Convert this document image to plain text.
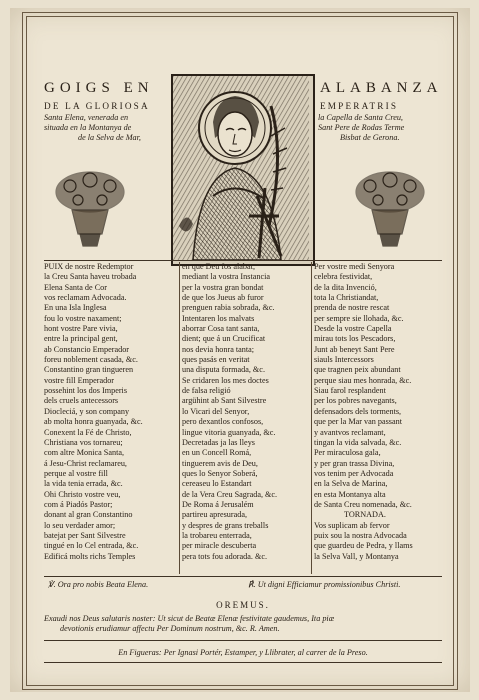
GOIGS EN	ALABANZA
DE LA GLORIOSA	EMPERATRIS
Santa Elena, venerada en
situada en la Montanya de
de la Selva de Mar,
la Capella de Santa Creu,
Sant Pere de Rodas Terme
Bisbat de Gerona.
PUIX de nostre Redemptor
la Creu Santa haveu trobada
Elena Santa de Cor
vos reclamam Advocada.
En una Isla Inglesa
fou lo vostre naxament;
hont vostre Pare vivia,
entre la principal gent,
ab Constancio Emperador
foreu noblement casada, &c.
Constantino gran tingueren
vostre fill Emperador
possehint los dos Imperis
dels cruels antecessors
Diocleciá, y son company
ab molta honra guanyada, &c.
Conexent la Fé de Christo,
Christiana vos tornareu;
com altre Monica Santa,
á Jesu-Christ reclamareu,
perque al vostre fill
la vida tenia errada, &c.
Ohi Christo vostre veu,
com á Piadós Pastor;
donant al gran Constantino
lo seu verdader amor;
batejat per Sant Silvestre
tingué en lo Cel entrada, &c.
Edificá molts richs Temples
en que Deu fos alabat;
mediant la vostra Instancia
per la vostra gran bondat
de que los Jueus ab furor
prenguen rabia sobrada, &c.
Intentaren los malvats
aborrar Cosa tant santa,
dient; que á un Crucificat
nos devia honra tanta;
ques pasás en veritat
una disputa formada, &c.
Se cridaren los mes doctes
de falsa religió
argühint ab Sant Silvestre
lo Vicari del Senyor,
pero dexantlos confosos,
lingue vitoria guanyada, &c.
Decretadas ja las lleys
en un Concell Romá,
tinguerem avis de Deu,
ques lo Senyor Soberá,
cereaseu lo Estandart
de la Vera Creu Sagrada, &c.
De Roma á Jerusalém
partireu apresurada,
y despres de grans treballs
la trobareu enterrada,
per miracle descuberta
pera tots fou adorada. &c.
Per vostre medi Senyora
celebra festividat,
de la dita Invenció,
tota la Christiandat,
prenda de nostre rescat
per sempre sie llohada, &c.
Desde la vostre Capella
mirau tots los Pescadors,
Junt ab beneyt Sant Pere
siauls Intercessors
que tragnen peix abundant
perque siau mes honrada, &c.
Siau farol resplandent
per los pobres navegants,
defensadors dels torments,
que per la Mar van passant
y avantvos reclamant,
tingan la vida salvada, &c.
Per miraculosa gala,
y per gran trassa Divina,
vos tenim per Advocada
en la Selva de Marina,
en esta Montanya alta
de Santa Creu nomenada, &c.
TORNADA.
Vos suplicam ab fervor
puix sou la nostra Advocada
que guardeu de Pedra, y llams
la Selva Vall, y Montanya
℣. Ora pro nobis Beata Elena.	℟. Ut digni Efficiamur promissionibus Christi.
OREMUS.
Exaudi nos Deus salutaris noster: Ut sicut de Beatæ Elenæ festivitate gaudemus, Ita piæ
devotionis erudiamur affectu Per Dominum nostrum, &c. R. Amen.
En Figueras: Per Ignasi Portér, Estamper, y Llibrater, al carrer de la Preso.
